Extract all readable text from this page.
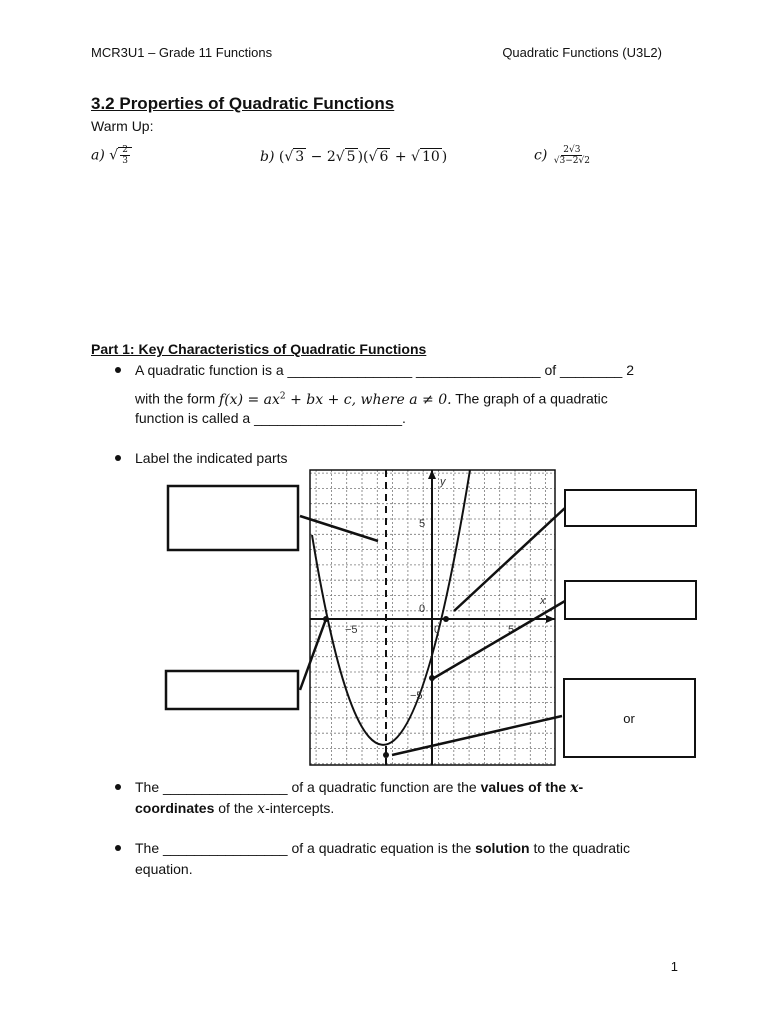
MCR3U1 – Grade 11 Functions	Quadratic Functions (U3L2)
3.2 Properties of Quadratic Functions
Warm Up:
a) √ $\frac{2}{3}$	b) (√ 3 − 2√ 5 )(√ 6 + √ 10 )	$c) \frac{2√3}{√3-2√2}$
Part 1: Key Characteristics of Quadratic Functions
A quadratic function is a ________________ ________________ of ________ 2
with the form $f(x) = ax^2$ + bx + c, where a ≠ 0. The graph of a quadratic
function is called a ___________________.
Label the indicated parts
y
x
−5	0	5
5
0
−5
or
The ________________ of a quadratic function are the values of the x-
coordinates of the x-intercepts.
The ________________ of a quadratic equation is the solution to the quadratic
equation.
1
